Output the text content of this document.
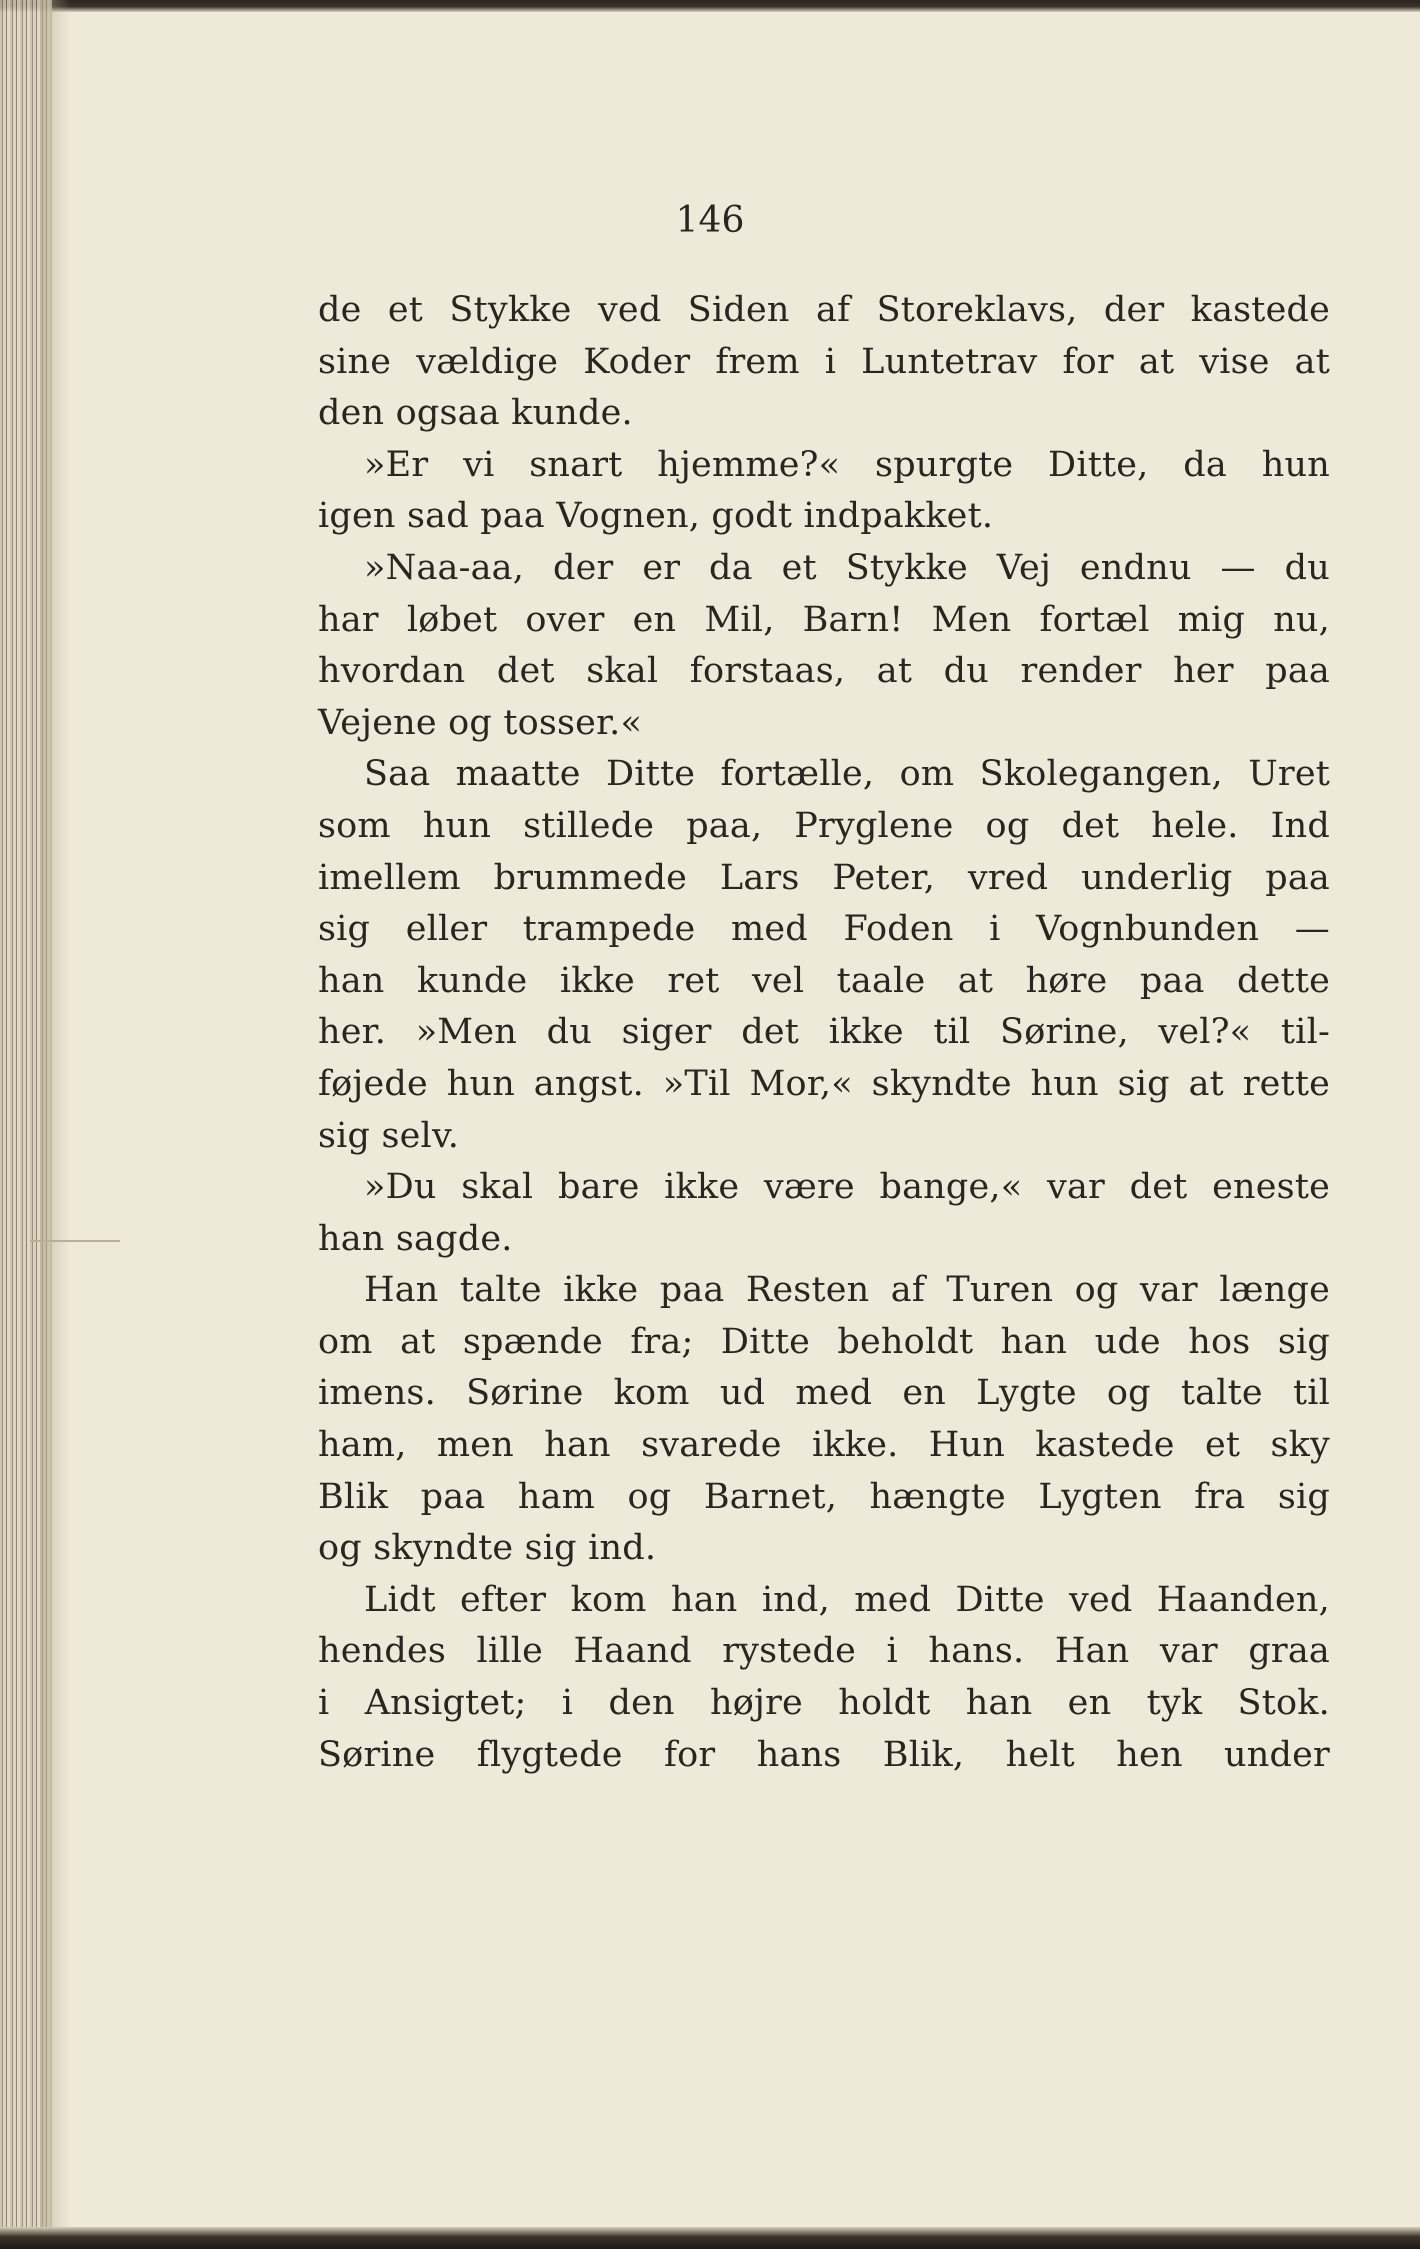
146
de et Stykke ved Siden af Storeklavs, der kastede
sine vældige Koder frem i Luntetrav for at vise at
den ogsaa kunde.
»Er vi snart hjemme?« spurgte Ditte, da hun
igen sad paa Vognen, godt indpakket.
»Naa-aa, der er da et Stykke Vej endnu — du
har løbet over en Mil, Barn! Men fortæl mig nu,
hvordan det skal forstaas, at du render her paa
Vejene og tosser.«
Saa maatte Ditte fortælle, om Skolegangen, Uret
som hun stillede paa, Pryglene og det hele. Ind
imellem brummede Lars Peter, vred underlig paa
sig eller trampede med Foden i Vognbunden —
han kunde ikke ret vel taale at høre paa dette
her. »Men du siger det ikke til Sørine, vel?« til-
føjede hun angst. »Til Mor,« skyndte hun sig at rette
sig selv.
»Du skal bare ikke være bange,« var det eneste
han sagde.
Han talte ikke paa Resten af Turen og var længe
om at spænde fra; Ditte beholdt han ude hos sig
imens. Sørine kom ud med en Lygte og talte til
ham, men han svarede ikke. Hun kastede et sky
Blik paa ham og Barnet, hængte Lygten fra sig
og skyndte sig ind.
Lidt efter kom han ind, med Ditte ved Haanden,
hendes lille Haand rystede i hans. Han var graa
i Ansigtet; i den højre holdt han en tyk Stok.
Sørine flygtede for hans Blik, helt hen under
